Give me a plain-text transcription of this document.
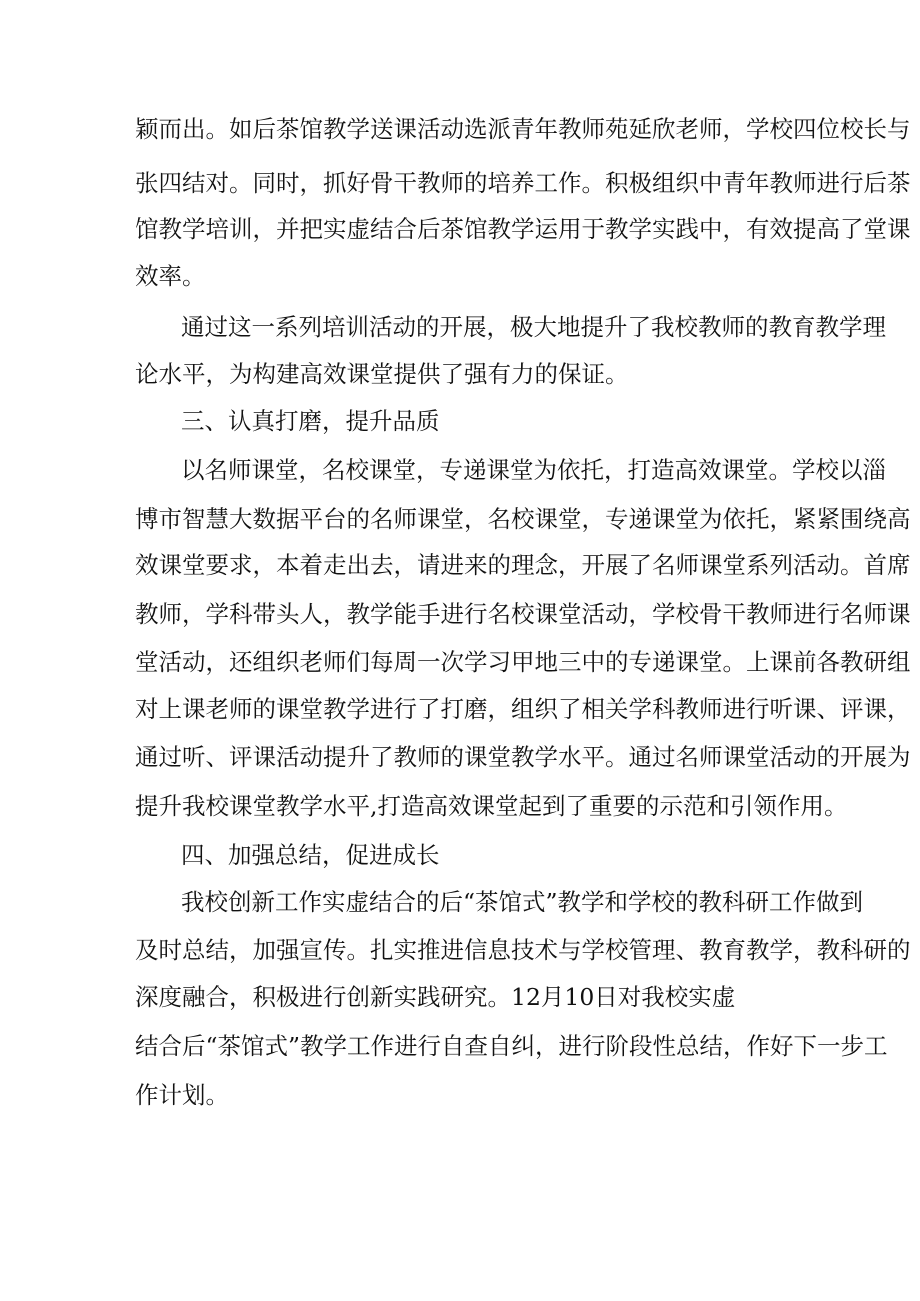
颖而出。如后茶馆教学送课活动选派青年教师苑延欣老师，学校四位校长与
张四结对。同时，抓好骨干教师的培养工作。积极组织中青年教师进行后茶
馆教学培训，并把实虚结合后茶馆教学运用于教学实践中，有效提高了堂课
效率。
通过这一系列培训活动的开展，极大地提升了我校教师的教育教学理
论水平，为构建高效课堂提供了强有力的保证。
三、认真打磨，提升品质
以名师课堂，名校课堂，专递课堂为依托，打造高效课堂。学校以淄
博市智慧大数据平台的名师课堂，名校课堂，专递课堂为依托，紧紧围绕高
效课堂要求，本着走出去，请进来的理念，开展了名师课堂系列活动。首席
教师，学科带头人，教学能手进行名校课堂活动，学校骨干教师进行名师课
堂活动，还组织老师们每周一次学习甲地三中的专递课堂。上课前各教研组
对上课老师的课堂教学进行了打磨，组织了相关学科教师进行听课、评课，
通过听、评课活动提升了教师的课堂教学水平。通过名师课堂活动的开展为
提升我校课堂教学水平,打造高效课堂起到了重要的示范和引领作用。
四、加强总结，促进成长
我校创新工作实虚结合的后“茶馆式”教学和学校的教科研工作做到
及时总结，加强宣传。扎实推进信息技术与学校管理、教育教学，教科研的
深度融合，积极进行创新实践研究。12月10日对我校实虚
结合后“茶馆式”教学工作进行自查自纠，进行阶段性总结，作好下一步工
作计划。
